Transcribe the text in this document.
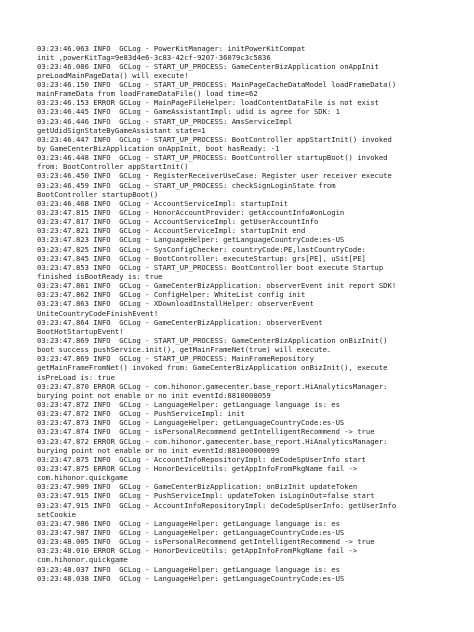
03:23:46.063 INFO  GCLog - PowerKitManager: initPowerKitCompat
init ,powerKitTag=9e83d4e6-3c83-42cf-9207-36079c3c5836
03:23:46.086 INFO  GCLog - START_UP_PROCESS: GameCenterBizApplication onAppInit
preLoadMainPageData() will execute!
03:23:46.150 INFO  GCLog - START_UP_PROCESS: MainPageCacheDataModel loadFrameData()
mainFrameData from loadFrameDataFile() load time=62
03:23:46.153 ERROR GCLog - MainPageFileHelper: loadContentDataFile is not exist
03:23:46.445 INFO  GCLog - GameAssistantImpl: udid is agree for SDK: 1
03:23:46.446 INFO  GCLog - START_UP_PROCESS: AmsServiceImpl
getUdidSignStateByGameAssistant state=1
03:23:46.447 INFO  GCLog - START_UP_PROCESS: BootController appStartInit() invoked
by GameCenterBizApplication onAppInit, boot hasReady: -1
03:23:46.448 INFO  GCLog - START_UP_PROCESS: BootController startupBoot() invoked
from: BootController appStartInit()
03:23:46.450 INFO  GCLog - RegisterReceiverUseCase: Register user receiver execute
03:23:46.459 INFO  GCLog - START_UP_PROCESS: checkSignLoginState from
BootController startupBoot()
03:23:46.468 INFO  GCLog - AccountServiceImpl: startupInit
03:23:47.815 INFO  GCLog - HonorAccountProvider: getAccountInfo#onLogin
03:23:47.817 INFO  GCLog - AccountServiceImpl: getUserAccountInfo
03:23:47.821 INFO  GCLog - AccountServiceImpl: startupInit end
03:23:47.823 INFO  GCLog - LanguageHelper: getLanguageCountryCode:es-US
03:23:47.825 INFO  GCLog - SysConfigChecker: countryCode:PE,lastCountryCode:
03:23:47.845 INFO  GCLog - BootController: executeStartup: grs[PE], uSit[PE]
03:23:47.853 INFO  GCLog - START_UP_PROCESS: BootController boot execute Startup
finished isBootReady is: true
03:23:47.861 INFO  GCLog - GameCenterBizApplication: observerEvent init report SDK!
03:23:47.862 INFO  GCLog - ConfigHelper: WhiteList config init
03:23:47.863 INFO  GCLog - XDownloadInstallHelper: observerEvent
UniteCountryCodeFinishEvent!
03:23:47.864 INFO  GCLog - GameCenterBizApplication: observerEvent
BootHotStartupEvent!
03:23:47.869 INFO  GCLog - START_UP_PROCESS: GameCenterBizApplication onBizInit()
boot success pushService.init(), getMainFrameNet(true) will execute.
03:23:47.869 INFO  GCLog - START_UP_PROCESS: MainFrameRepository
getMainFrameFromNet() invoked from: GameCenterBizApplication onBizInit(), execute
isPreLoad is: true
03:23:47.870 ERROR GCLog - com.hihonor.gamecenter.base_report.HiAnalyticsManager:
burying point not enable or no init eventId:8810000059
03:23:47.872 INFO  GCLog - LanguageHelper: getLanguage language is: es
03:23:47.872 INFO  GCLog - PushServiceImpl: init
03:23:47.873 INFO  GCLog - LanguageHelper: getLanguageCountryCode:es-US
03:23:47.874 INFO  GCLog - isPersonalRecommend getIntelligentRecommend -> true
03:23:47.872 ERROR GCLog - com.hihonor.gamecenter.base_report.HiAnalyticsManager:
burying point not enable or no init eventId:881000000099
03:23:47.875 INFO  GCLog - AccountInfoRepositoryImpl: deCodeSpUserInfo start
03:23:47.875 ERROR GCLog - HonorDeviceUtils: getAppInfoFromPkgName fail ->
com.hihonor.quickgame
03:23:47.909 INFO  GCLog - GameCenterBizApplication: onBizInit updateToken
03:23:47.915 INFO  GCLog - PushServiceImpl: updateToken isLoginOut=false start
03:23:47.915 INFO  GCLog - AccountInfoRepositoryImpl: deCodeSpUserInfo: getUserInfo
setCookie
03:23:47.986 INFO  GCLog - LanguageHelper: getLanguage language is: es
03:23:47.987 INFO  GCLog - LanguageHelper: getLanguageCountryCode:es-US
03:23:48.005 INFO  GCLog - isPersonalRecommend getIntelligentRecommend -> true
03:23:48.010 ERROR GCLog - HonorDeviceUtils: getAppInfoFromPkgName fail ->
com.hihonor.quickgame
03:23:48.037 INFO  GCLog - LanguageHelper: getLanguage language is: es
03:23:48.038 INFO  GCLog - LanguageHelper: getLanguageCountryCode:es-US
